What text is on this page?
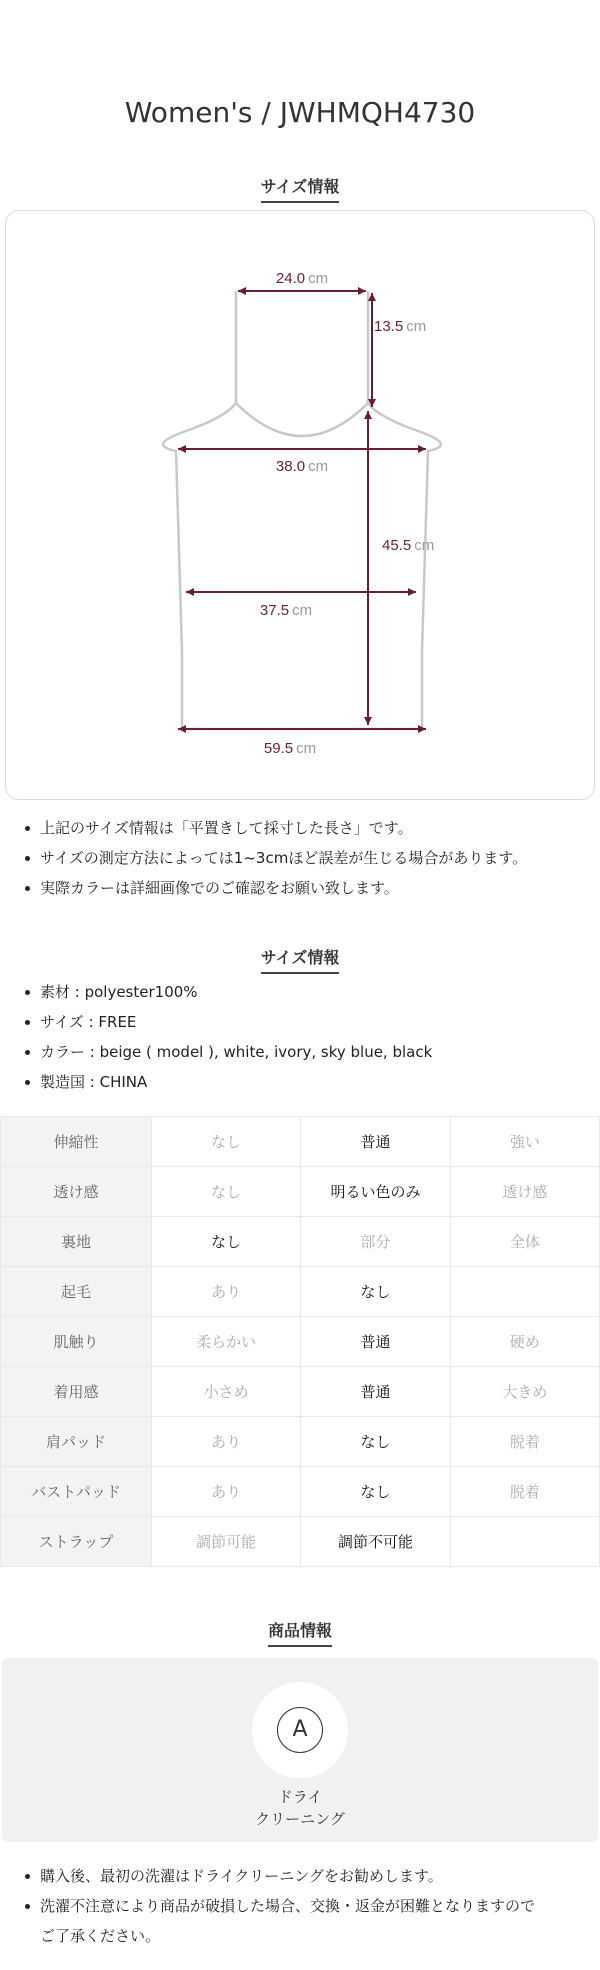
Women's / JWHMQH4730
サイズ情報
24.0 cm
13.5 cm
38.0 cm
45.5 cm
37.5 cm
59.5 cm
上記のサイズ情報は「平置きして採寸した長さ」です。
サイズの測定方法によっては1~3cmほど誤差が生じる場合があります。
実際カラーは詳細画像でのご確認をお願い致します。
サイズ情報
素材 : polyester100%
サイズ : FREE
カラー : beige ( model ), white, ivory, sky blue, black
製造国 : CHINA
伸縮性	なし	普通	強い
透け感	なし	明るい色のみ	透け感
裏地	なし	部分	全体
起毛	あり	なし	
肌触り	柔らかい	普通	硬め
着用感	小さめ	普通	大きめ
肩パッド	あり	なし	脱着
バストパッド	あり	なし	脱着
ストラップ	調節可能	調節不可能	
商品情報
A
ドライ
クリーニング
購入後、最初の洗濯はドライクリーニングをお勧めします。
洗濯不注意により商品が破損した場合、交換・返金が困難となりますので
ご了承ください。
